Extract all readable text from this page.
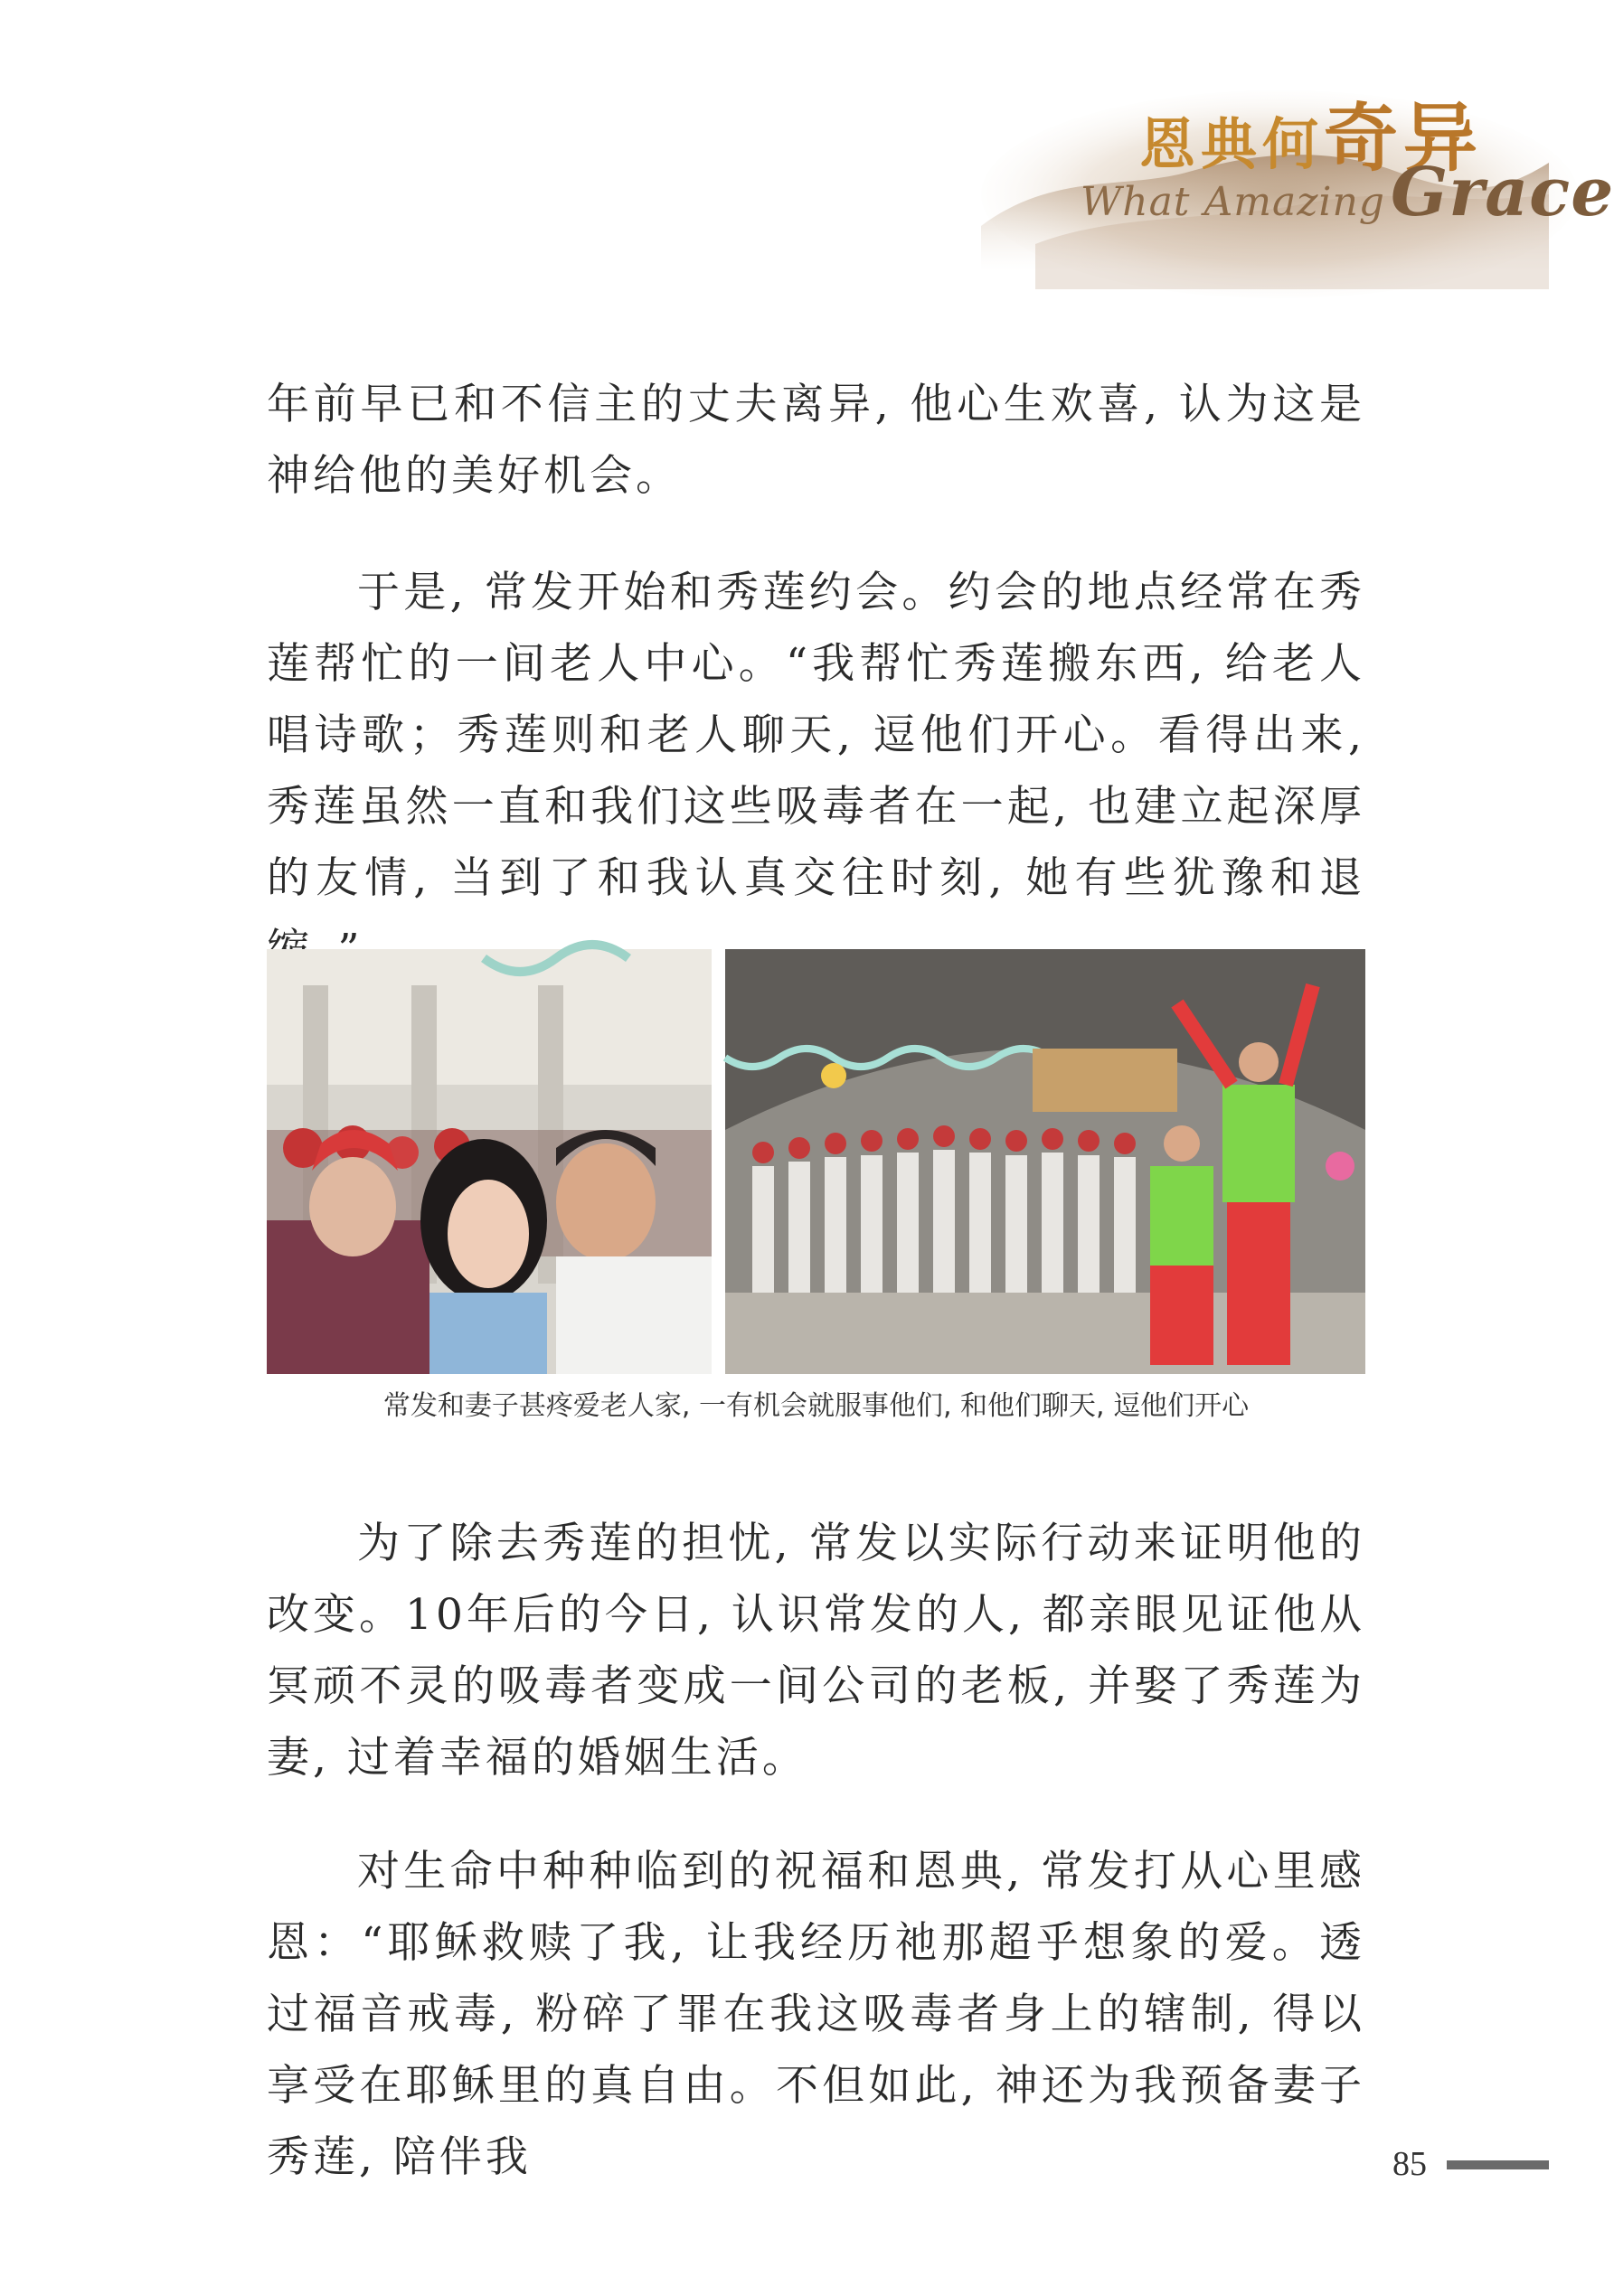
恩典何奇异
What Amazing Grace

年前早已和不信主的丈夫离异, 他心生欢喜, 认为这是神给他的美好机会。

于是, 常发开始和秀莲约会。约会的地点经常在秀莲帮忙的一间老人中心。“我帮忙秀莲搬东西, 给老人唱诗歌；秀莲则和老人聊天, 逗他们开心。看得出来, 秀莲虽然一直和我们这些吸毒者在一起, 也建立起深厚的友情, 当到了和我认真交往时刻, 她有些犹豫和退

为了除去秀莲的担忧, 常发以实际行动来证明他的改变。10年后的今日, 认识常发的人, 都亲眼见证他从冥顽不灵的吸毒者变成一间公司的老板, 并娶了秀莲为妻, 过着幸福的婚姻生活。

对生命中种种临到的祝福和恩典, 常发打从心里感恩：“耶稣救赎了我, 让我经历祂那超乎想象的爱。透过福音戒毒, 粉碎了罪在我这吸毒者身上的辖制, 得以享受在耶稣里的真自由。不但如此, 神还为我预备妻子秀莲, 陪伴我

常发和妻子甚疼爱老人家, 一有机会就服事他们, 和他们聊天, 逗他们开心
85
